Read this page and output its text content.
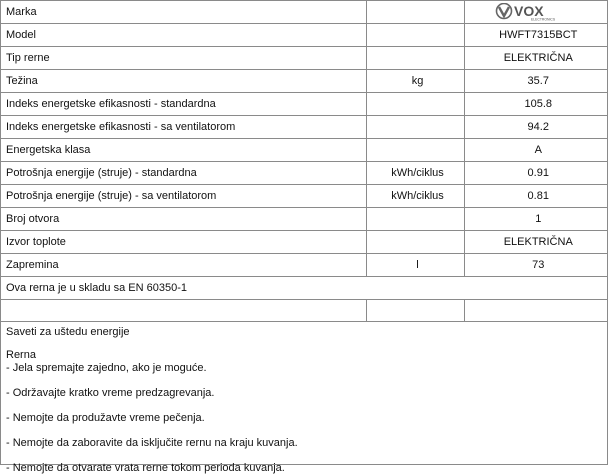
Marka		VOX
ELECTRONICS

Model		HWFT7315BCT
Tip rerne		ELEKTRIČNA
Težina	kg	35.7
Indeks energetske efikasnosti - standardna		105.8
Indeks energetske efikasnosti - sa ventilatorom		94.2
Energetska klasa		A
Potrošnja energije (struje) - standardna	kWh/ciklus	0.91
Potrošnja energije (struje) - sa ventilatorom	kWh/ciklus	0.81
Broj otvora		1
Izvor toplote		ELEKTRIČNA
Zapremina	l	73
Ova rerna je u skladu sa EN 60350-1		

Saveti za uštedu energije
Rerna
- Jela spremajte zajedno, ako je moguće.
- Održavajte kratko vreme predzagrevanja.
- Nemojte da produžavte vreme pečenja.
- Nemojte da zaboravite da isključite rernu na kraju kuvanja.
- Nemojte da otvarate vrata rerne tokom perioda kuvanja.
